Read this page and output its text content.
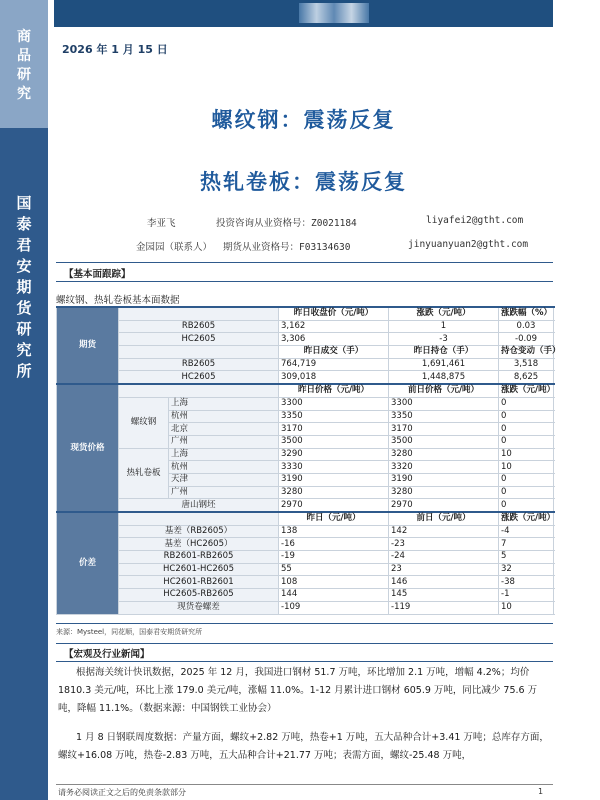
商品研究
国泰君安期货研究所
2026 年 1 月 15 日
螺纹钢：震荡反复
热轧卷板：震荡反复
李亚飞	投资咨询从业资格号：Z0021184	liyafei2@gtht.com
金园园（联系人） 期货从业资格号：F03134630	jinyuanyuan2@gtht.com
【基本面跟踪】
螺纹钢、热轧卷板基本面数据
期货			昨日收盘价（元/吨）	涨跌（元/吨）	涨跌幅（%）
	RB2605		3,162	1	0.03
	HC2605		3,306	-3	-0.09
			昨日成交（手）	昨日持仓（手）	持仓变动（手）
	RB2605		764,719	1,691,461	3,518
	HC2605		309,018	1,448,875	8,625
现货价格			昨日价格（元/吨）	前日价格（元/吨）	涨跌（元/吨）
	螺纹钢	上海	3300	3300	0
		杭州	3350	3350	0
		北京	3170	3170	0
		广州	3500	3500	0
	热轧卷板	上海	3290	3280	10
		杭州	3330	3320	10
		天津	3190	3190	0
		广州	3280	3280	0
	唐山钢坯		2970	2970	0
价差			昨日（元/吨）	前日（元/吨）	涨跌（元/吨）
	基差（RB2605）		138	142	-4
	基差（HC2605）		-16	-23	7
	RB2601-RB2605		-19	-24	5
	HC2601-HC2605		55	23	32
	HC2601-RB2601		108	146	-38
	HC2605-RB2605		144	145	-1
	现货卷螺差		-109	-119	10
来源：Mysteel，同花顺，国泰君安期货研究所
【宏观及行业新闻】
根据海关统计快讯数据，2025 年 12 月，我国进口钢材 51.7 万吨，环比增加 2.1 万吨，增幅 4.2%；均价 1810.3 美元/吨，环比上涨 179.0 美元/吨，涨幅 11.0%。1-12 月累计进口钢材 605.9 万吨，同比减少 75.6 万吨，降幅 11.1%。（数据来源：中国钢铁工业协会）
1 月 8 日钢联周度数据：产量方面，螺纹+2.82 万吨，热卷+1 万吨，五大品种合计+3.41 万吨；总库存方面，螺纹+16.08 万吨，热卷-2.83 万吨，五大品种合计+21.77 万吨；表需方面，螺纹-25.48 万吨，
请务必阅读正文之后的免责条款部分	1
